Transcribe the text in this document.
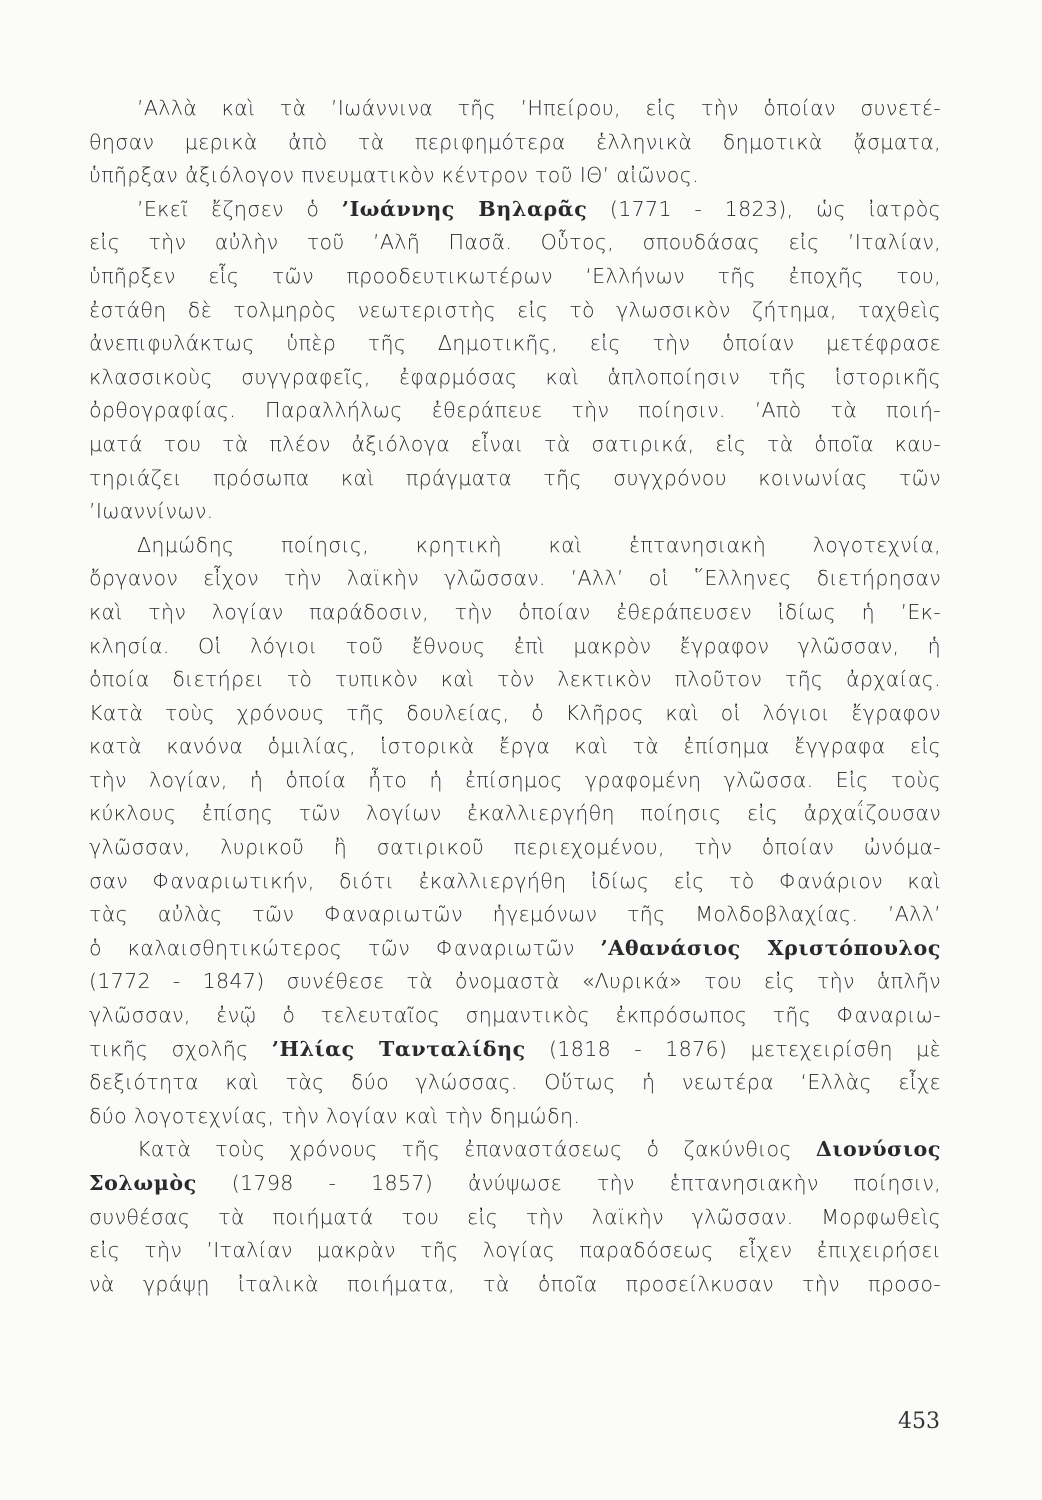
’Αλλὰ καὶ τὰ ’Ιωάννινα τῆς ’Ηπείρου, εἰς τὴν ὁποίαν συνετέ-
θησαν μερικὰ ἀπὸ τὰ περιφημότερα ἑλληνικὰ δημοτικὰ ᾄσματα,
ὑπῆρξαν ἀξιόλογον πνευματικὸν κέντρον τοῦ ΙΘ’ αἰῶνος.
’Εκεῖ ἔζησεν ὁ ’Ιωάννης Βηλαρᾶς (1771 - 1823), ὡς ἰατρὸς
εἰς τὴν αὐλὴν τοῦ ’Αλῆ Πασᾶ. Οὗτος, σπουδάσας εἰς ’Ιταλίαν,
ὑπῆρξεν εἷς τῶν προοδευτικωτέρων ‘Ελλήνων τῆς ἐποχῆς του,
ἐστάθη δὲ τολμηρὸς νεωτεριστὴς εἰς τὸ γλωσσικὸν ζήτημα, ταχθεὶς
ἀνεπιφυλάκτως ὑπὲρ τῆς Δημοτικῆς, εἰς τὴν ὁποίαν μετέφρασε
κλασσικοὺς συγγραφεῖς, ἐφαρμόσας καὶ ἁπλοποίησιν τῆς ἱστορικῆς
ὀρθογραφίας. Παραλλήλως ἐθεράπευε τὴν ποίησιν. ’Απὸ τὰ ποιή-
ματά του τὰ πλέον ἀξιόλογα εἶναι τὰ σατιρικά, εἰς τὰ ὁποῖα καυ-
τηριάζει πρόσωπα καὶ πράγματα τῆς συγχρόνου κοινωνίας τῶν
’Ιωαννίνων.
Δημώδης ποίησις, κρητικὴ καὶ ἑπτανησιακὴ λογοτεχνία,
ὄργανον εἶχον τὴν λαϊκὴν γλῶσσαν. ’Αλλ’ οἱ ῞Ελληνες διετήρησαν
καὶ τὴν λογίαν παράδοσιν, τὴν ὁποίαν ἐθεράπευσεν ἰδίως ἡ ’Εκ-
κλησία. Οἱ λόγιοι τοῦ ἔθνους ἐπὶ μακρὸν ἔγραφον γλῶσσαν, ἡ
ὁποία διετήρει τὸ τυπικὸν καὶ τὸν λεκτικὸν πλοῦτον τῆς ἀρχαίας.
Κατὰ τοὺς χρόνους τῆς δουλείας, ὁ Κλῆρος καὶ οἱ λόγιοι ἔγραφον
κατὰ κανόνα ὁμιλίας, ἱστορικὰ ἔργα καὶ τὰ ἐπίσημα ἔγγραφα εἰς
τὴν λογίαν, ἡ ὁποία ἦτο ἡ ἐπίσημος γραφομένη γλῶσσα. Εἰς τοὺς
κύκλους ἐπίσης τῶν λογίων ἐκαλλιεργήθη ποίησις εἰς ἀρχαΐζουσαν
γλῶσσαν, λυρικοῦ ἢ σατιρικοῦ περιεχομένου, τὴν ὁποίαν ὠνόμα-
σαν Φαναριωτικήν, διότι ἐκαλλιεργήθη ἰδίως εἰς τὸ Φανάριον καὶ
τὰς αὐλὰς τῶν Φαναριωτῶν ἡγεμόνων τῆς Μολδοβλαχίας. ’Αλλ’
ὁ καλαισθητικώτερος τῶν Φαναριωτῶν ’Αθανάσιος Χριστόπουλος
(1772 - 1847) συνέθεσε τὰ ὀνομαστὰ «Λυρικά» του εἰς τὴν ἁπλῆν
γλῶσσαν, ἐνῷ ὁ τελευταῖος σημαντικὸς ἐκπρόσωπος τῆς Φαναριω-
τικῆς σχολῆς ’Ηλίας Τανταλίδης (1818 - 1876) μετεχειρίσθη μὲ
δεξιότητα καὶ τὰς δύο γλώσσας. Οὕτως ἡ νεωτέρα ‘Ελλὰς εἶχε
δύο λογοτεχνίας, τὴν λογίαν καὶ τὴν δημώδη.
Κατὰ τοὺς χρόνους τῆς ἐπαναστάσεως ὁ ζακύνθιος Διονύσιος
Σολωμὸς (1798 - 1857) ἀνύψωσε τὴν ἑπτανησιακὴν ποίησιν,
συνθέσας τὰ ποιήματά του εἰς τὴν λαϊκὴν γλῶσσαν. Μορφωθεὶς
εἰς τὴν ’Ιταλίαν μακρὰν τῆς λογίας παραδόσεως εἶχεν ἐπιχειρήσει
νὰ γράψῃ ἰταλικὰ ποιήματα, τὰ ὁποῖα προσείλκυσαν τὴν προσο-
453
